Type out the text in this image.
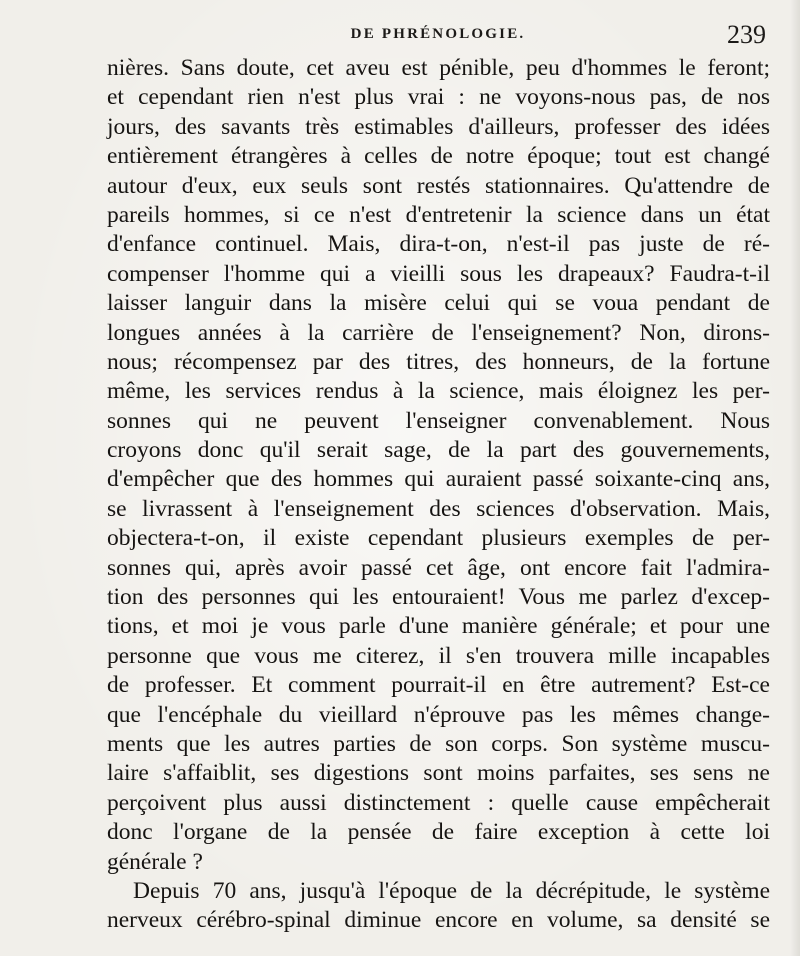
DE PHRÉNOLOGIE.	239
nières. Sans doute, cet aveu est pénible, peu d'hommes le feront;
et cependant rien n'est plus vrai : ne voyons-nous pas, de nos
jours, des savants très estimables d'ailleurs, professer des idées
entièrement étrangères à celles de notre époque; tout est changé
autour d'eux, eux seuls sont restés stationnaires. Qu'attendre de
pareils hommes, si ce n'est d'entretenir la science dans un état
d'enfance continuel. Mais, dira-t-on, n'est-il pas juste de ré-
compenser l'homme qui a vieilli sous les drapeaux? Faudra-t-il
laisser languir dans la misère celui qui se voua pendant de
longues années à la carrière de l'enseignement? Non, dirons-
nous; récompensez par des titres, des honneurs, de la fortune
même, les services rendus à la science, mais éloignez les per-
sonnes qui ne peuvent l'enseigner convenablement. Nous
croyons donc qu'il serait sage, de la part des gouvernements,
d'empêcher que des hommes qui auraient passé soixante-cinq ans,
se livrassent à l'enseignement des sciences d'observation. Mais,
objectera-t-on, il existe cependant plusieurs exemples de per-
sonnes qui, après avoir passé cet âge, ont encore fait l'admira-
tion des personnes qui les entouraient! Vous me parlez d'excep-
tions, et moi je vous parle d'une manière générale; et pour une
personne que vous me citerez, il s'en trouvera mille incapables
de professer. Et comment pourrait-il en être autrement? Est-ce
que l'encéphale du vieillard n'éprouve pas les mêmes change-
ments que les autres parties de son corps. Son système muscu-
laire s'affaiblit, ses digestions sont moins parfaites, ses sens ne
perçoivent plus aussi distinctement : quelle cause empêcherait
donc l'organe de la pensée de faire exception à cette loi
générale ?
Depuis 70 ans, jusqu'à l'époque de la décrépitude, le système
nerveux cérébro-spinal diminue encore en volume, sa densité se
